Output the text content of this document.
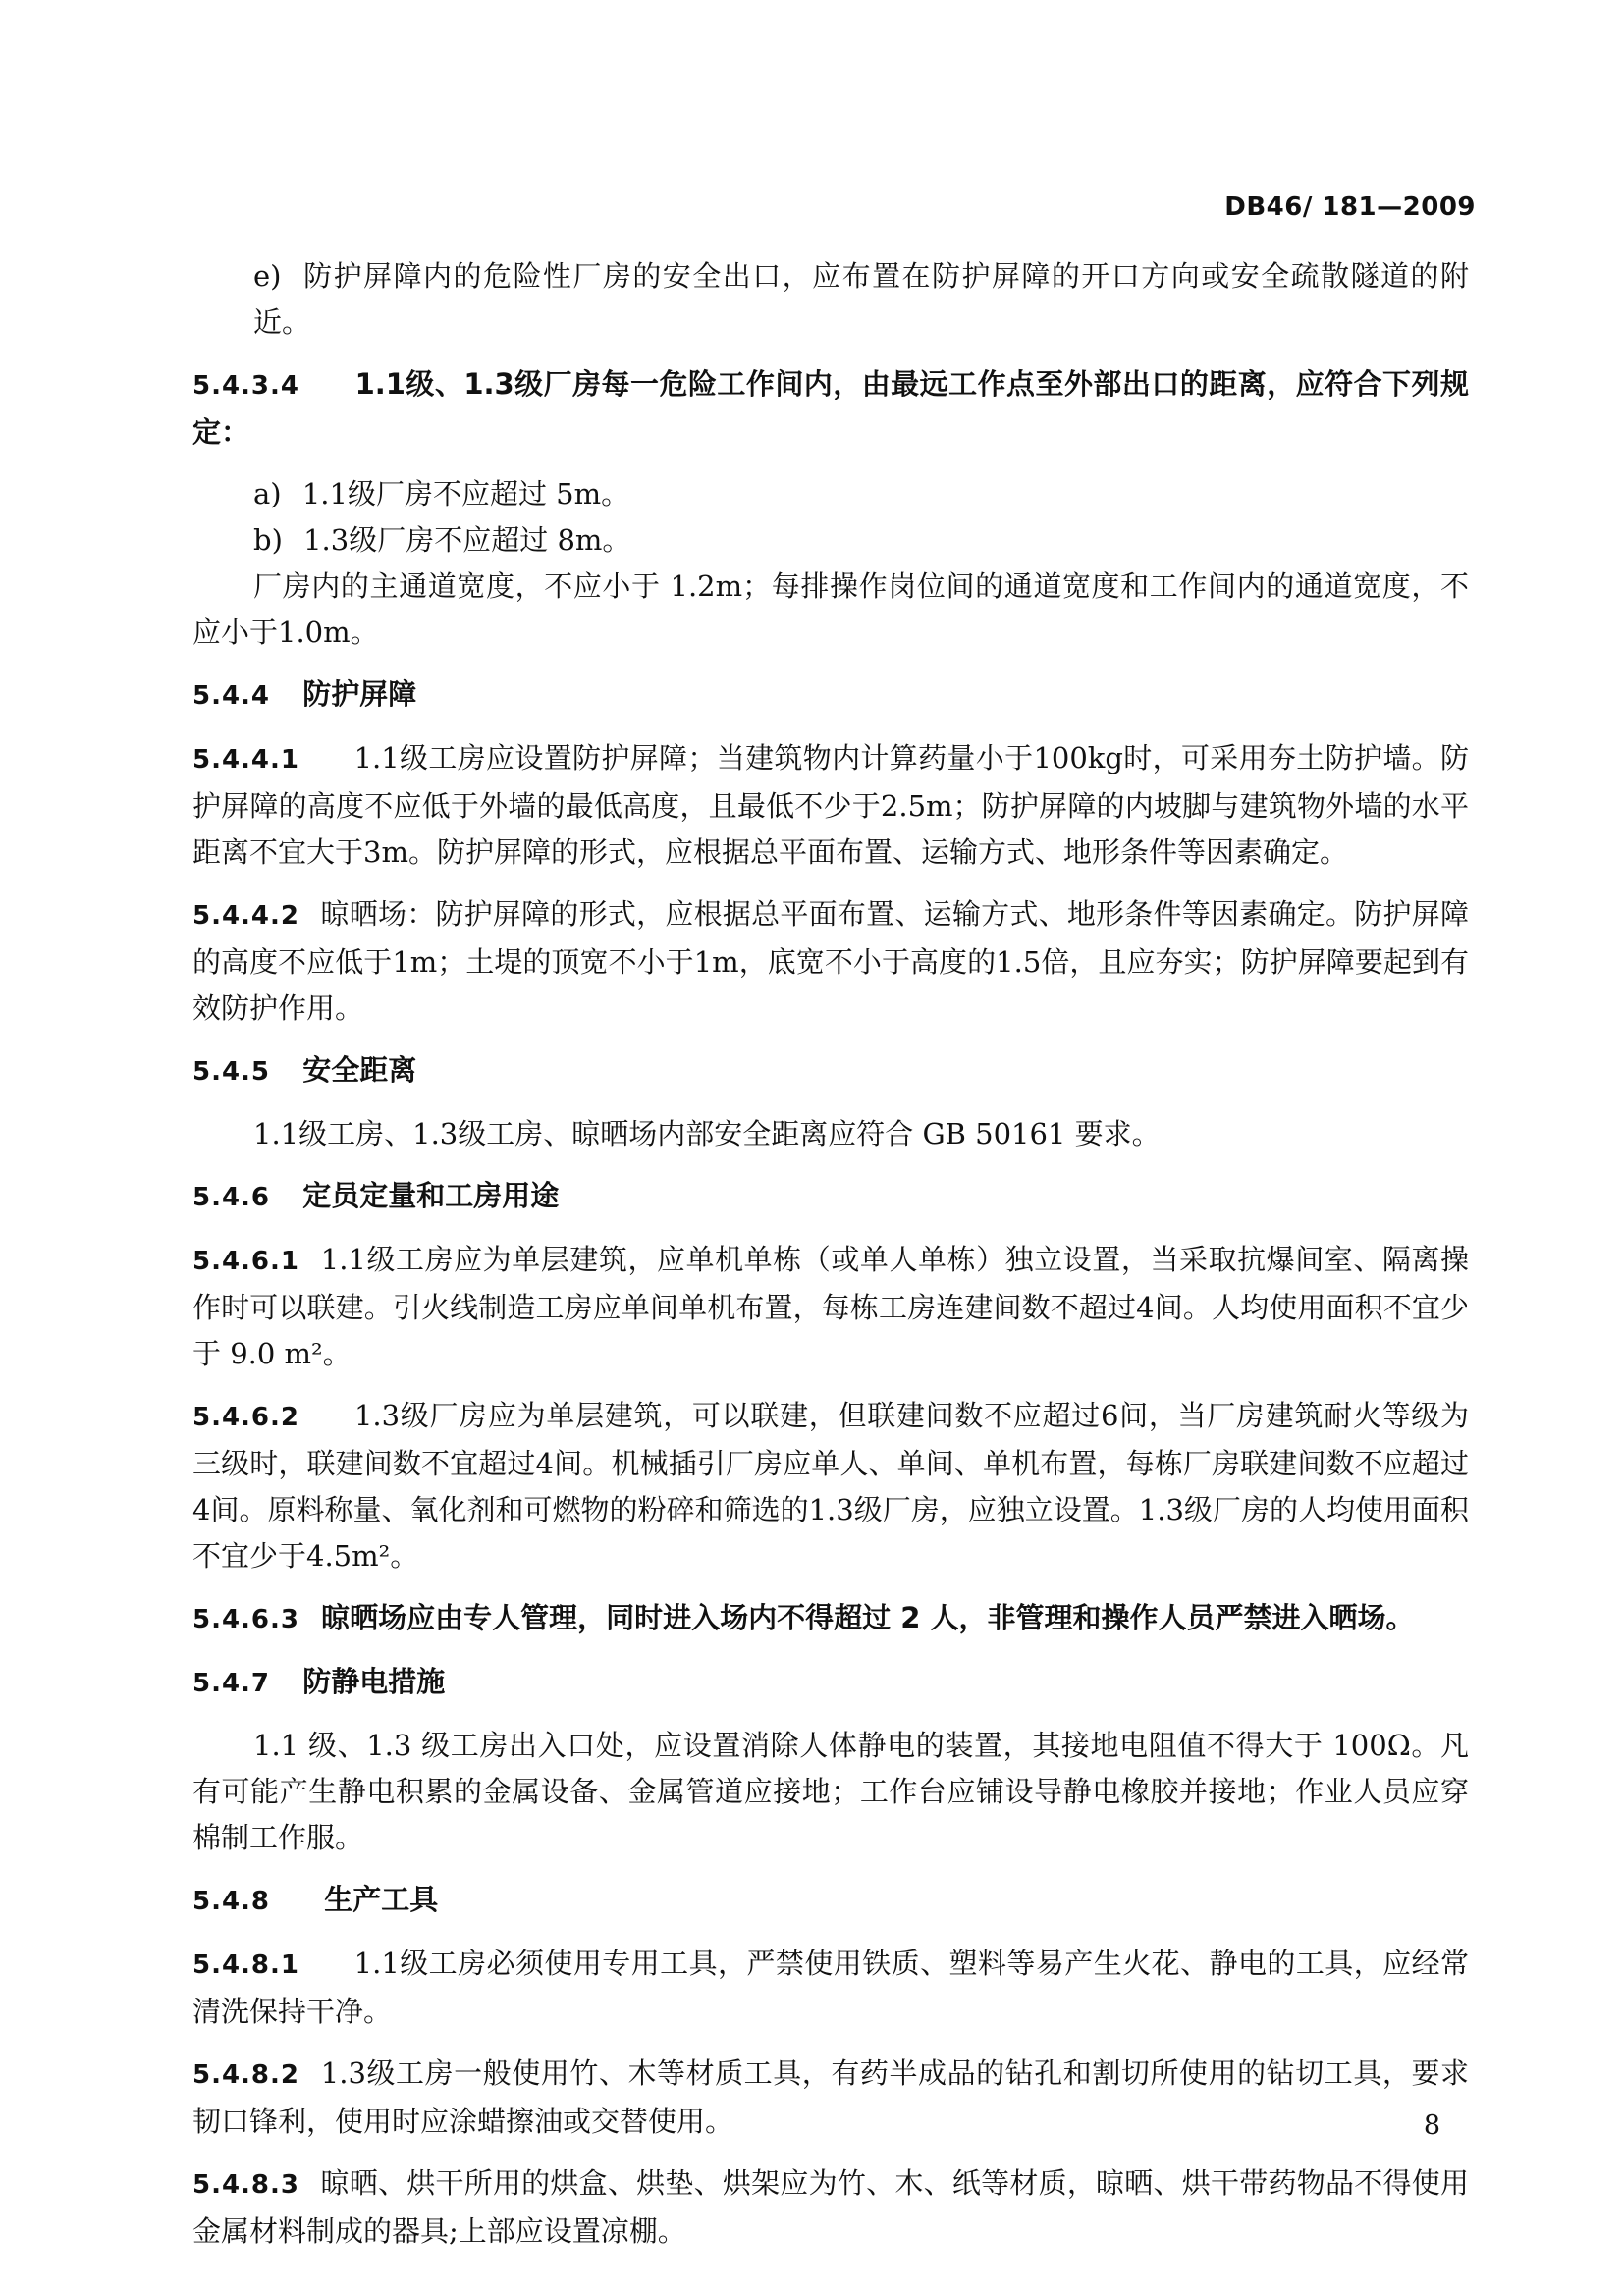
DB46/ 181—2009

e) 防护屏障内的危险性厂房的安全出口，应布置在防护屏障的开口方向或安全疏散隧道的附近。

5.4.3.4 1.1级、1.3级厂房每一危险工作间内，由最远工作点至外部出口的距离，应符合下列规定：

a) 1.1级厂房不应超过 5m。

b) 1.3级厂房不应超过 8m。

厂房内的主通道宽度，不应小于 1.2m；每排操作岗位间的通道宽度和工作间内的通道宽度，不应小于1.0m。

5.4.4 防护屏障

5.4.4.1 1.1级工房应设置防护屏障；当建筑物内计算药量小于100kg时，可采用夯土防护墙。防护屏障的高度不应低于外墙的最低高度，且最低不少于2.5m；防护屏障的内坡脚与建筑物外墙的水平距离不宜大于3m。防护屏障的形式，应根据总平面布置、运输方式、地形条件等因素确定。

5.4.4.2 晾晒场：防护屏障的形式，应根据总平面布置、运输方式、地形条件等因素确定。防护屏障的高度不应低于1m；土堤的顶宽不小于1m，底宽不小于高度的1.5倍，且应夯实；防护屏障要起到有效防护作用。

5.4.5 安全距离

1.1级工房、1.3级工房、晾晒场内部安全距离应符合 GB 50161 要求。

5.4.6 定员定量和工房用途

5.4.6.1 1.1级工房应为单层建筑，应单机单栋（或单人单栋）独立设置，当采取抗爆间室、隔离操作时可以联建。引火线制造工房应单间单机布置，每栋工房连建间数不超过4间。人均使用面积不宜少于 9.0 m²。

5.4.6.2 1.3级厂房应为单层建筑，可以联建，但联建间数不应超过6间，当厂房建筑耐火等级为三级时，联建间数不宜超过4间。机械插引厂房应单人、单间、单机布置，每栋厂房联建间数不应超过4间。原料称量、氧化剂和可燃物的粉碎和筛选的1.3级厂房，应独立设置。1.3级厂房的人均使用面积不宜少于4.5m²。

5.4.6.3 晾晒场应由专人管理，同时进入场内不得超过 2 人，非管理和操作人员严禁进入晒场。

5.4.7 防静电措施

1.1 级、1.3 级工房出入口处，应设置消除人体静电的装置，其接地电阻值不得大于 100Ω。凡有可能产生静电积累的金属设备、金属管道应接地；工作台应铺设导静电橡胶并接地；作业人员应穿棉制工作服。

5.4.8 生产工具

5.4.8.1 1.1级工房必须使用专用工具，严禁使用铁质、塑料等易产生火花、静电的工具，应经常清洗保持干净。

5.4.8.2 1.3级工房一般使用竹、木等材质工具，有药半成品的钻孔和割切所使用的钻切工具，要求韧口锋利，使用时应涂蜡擦油或交替使用。

5.4.8.3 晾晒、烘干所用的烘盒、烘垫、烘架应为竹、木、纸等材质，晾晒、烘干带药物品不得使用金属材料制成的器具;上部应设置凉棚。

8
